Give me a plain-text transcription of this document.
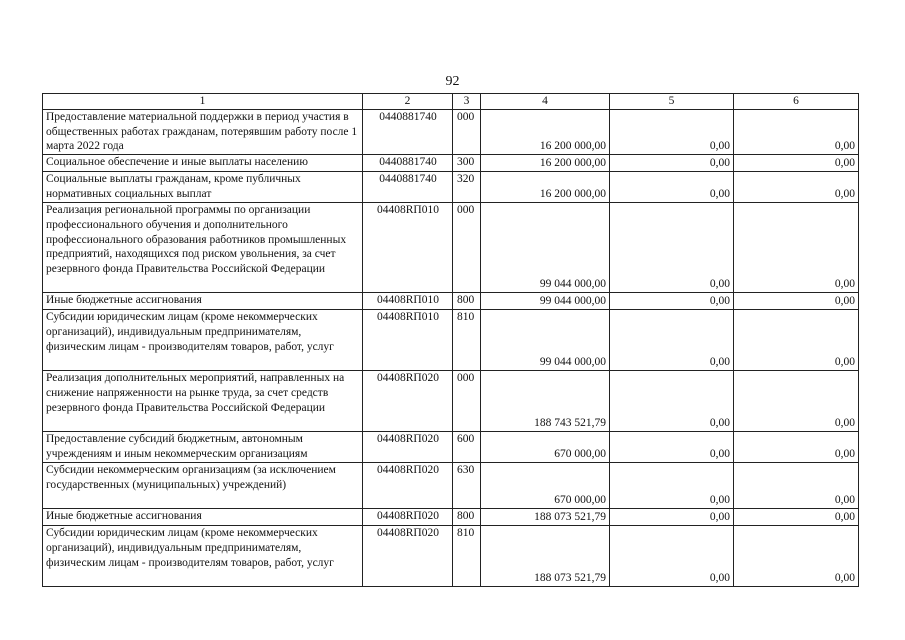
92
1	2	3	4	5	6
Предоставление материальной поддержки в период участия в общественных работах гражданам, потерявшим работу после 1 марта 2022 года	0440881740	000	16 200 000,00	0,00	0,00
Социальное обеспечение и иные выплаты населению	0440881740	300	16 200 000,00	0,00	0,00
Социальные выплаты гражданам, кроме публичных нормативных социальных выплат	0440881740	320	16 200 000,00	0,00	0,00
Реализация региональной программы по организации профессионального обучения и дополнительного профессионального образования работников промышленных предприятий, находящихся под риском увольнения, за счет резервного фонда Правительства Российской Федерации	04408RП010	000	99 044 000,00	0,00	0,00
Иные бюджетные ассигнования	04408RП010	800	99 044 000,00	0,00	0,00
Субсидии юридическим лицам (кроме некоммерческих организаций), индивидуальным предпринимателям, физическим лицам - производителям товаров, работ, услуг	04408RП010	810	99 044 000,00	0,00	0,00
Реализация дополнительных мероприятий, направленных на снижение напряженности на рынке труда, за счет средств резервного фонда Правительства Российской Федерации	04408RП020	000	188 743 521,79	0,00	0,00
Предоставление субсидий бюджетным, автономным учреждениям и иным некоммерческим организациям	04408RП020	600	670 000,00	0,00	0,00
Субсидии некоммерческим организациям (за исключением государственных (муниципальных) учреждений)	04408RП020	630	670 000,00	0,00	0,00
Иные бюджетные ассигнования	04408RП020	800	188 073 521,79	0,00	0,00
Субсидии юридическим лицам (кроме некоммерческих организаций), индивидуальным предпринимателям, физическим лицам - производителям товаров, работ, услуг	04408RП020	810	188 073 521,79	0,00	0,00
